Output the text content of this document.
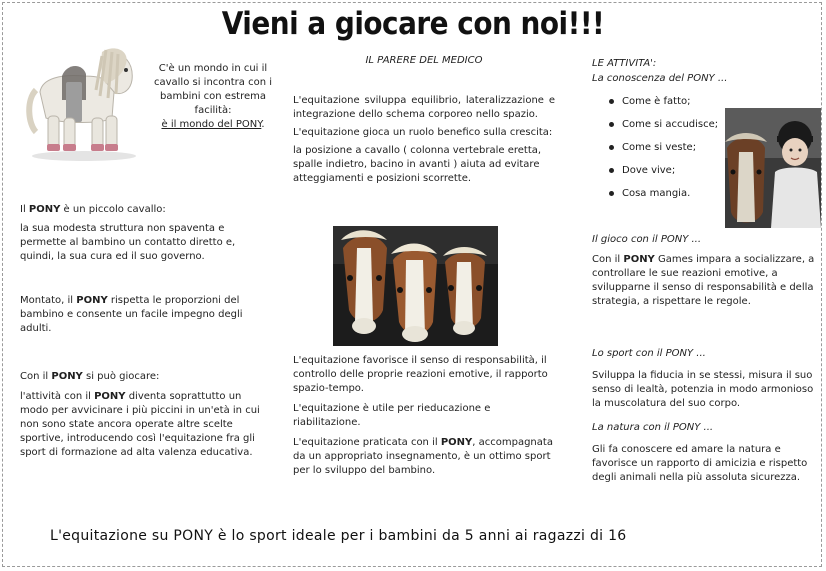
Vieni a giocare con noi!!!
C'è un mondo in cui il cavallo si incontra con i bambini con estrema facilità:
è il mondo del PONY.

Il PONY è un piccolo cavallo:

la sua modesta struttura non spaventa e permette al bambino un contatto diretto e, quindi, la sua cura ed il suo governo.

Montato, il PONY rispetta le proporzioni del bambino e consente un facile impegno degli adulti.

Con il PONY si può giocare:

l'attività con il PONY diventa soprattutto un modo per avvicinare i più piccini in un'età in cui non sono state ancora operate altre scelte sportive, introducendo così l'equitazione fra gli sport di formazione ad alta valenza educativa.

IL PARERE DEL MEDICO

L'equitazione sviluppa equilibrio, lateralizzazione e integrazione dello schema corporeo nello spazio.

L'equitazione gioca un ruolo benefico sulla crescita:

la posizione a cavallo ( colonna vertebrale eretta, spalle indietro, bacino in avanti ) aiuta ad evitare atteggiamenti e posizioni scorrette.

L'equitazione favorisce il senso di responsabilità, il controllo delle proprie reazioni emotive, il rapporto spazio-tempo.

L'equitazione è utile per rieducazione e riabilitazione.

L'equitazione praticata con il PONY, accompagnata da un appropriato insegnamento, è un ottimo sport per lo sviluppo del bambino.

LE ATTIVITA':
La conoscenza del PONY ...
Come è fatto;
Come si accudisce;
Come si veste;
Dove vive;
Cosa mangia.
Il gioco con il PONY ...
Con il PONY Games impara a socializzare, a controllare le sue reazioni emotive, a svilupparne il senso di responsabilità e della strategia, a rispettare le regole.
Lo sport con il PONY ...
Sviluppa la fiducia in se stessi, misura il suo senso di lealtà, potenzia in modo armonioso la muscolatura del suo corpo.
La natura con il PONY ...
Gli fa conoscere ed amare la natura e favorisce un rapporto di amicizia e rispetto degli animali nella più assoluta sicurezza.
L'equitazione su PONY è lo sport ideale per i bambini da 5 anni ai ragazzi di 16
